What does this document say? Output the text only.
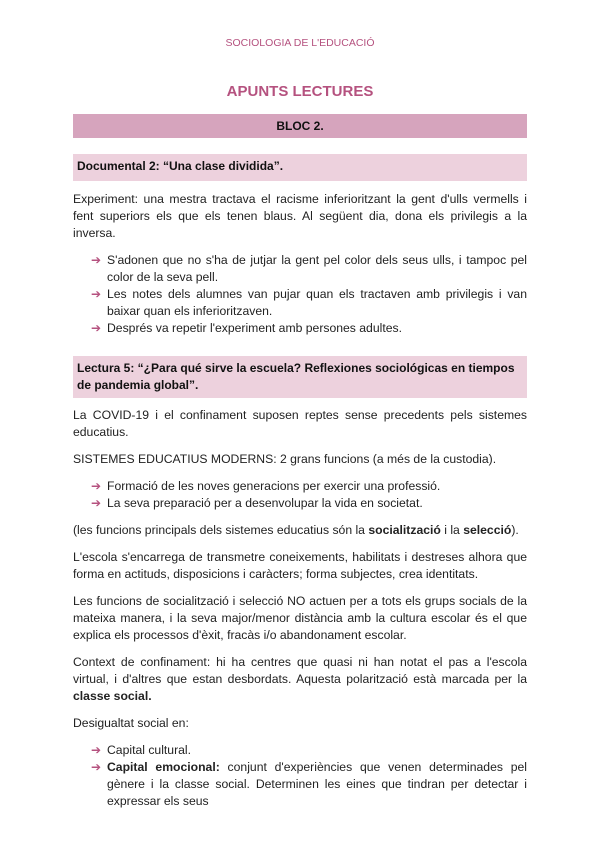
SOCIOLOGIA DE L'EDUCACIÓ
APUNTS LECTURES
BLOC 2.
Documental 2: “Una clase dividida”.

Experiment: una mestra tractava el racisme inferioritzant la gent d'ulls vermells i fent superiors els que els tenen blaus. Al següent dia, dona els privilegis a la inversa.

➔ S'adonen que no s'ha de jutjar la gent pel color dels seus ulls, i tampoc pel color de la seva pell.
➔ Les notes dels alumnes van pujar quan els tractaven amb privilegis i van baixar quan els inferioritzaven.
➔ Després va repetir l'experiment amb persones adultes.
Lectura 5: “¿Para qué sirve la escuela? Reflexiones sociológicas en tiempos de pandemia global”.

La COVID-19 i el confinament suposen reptes sense precedents pels sistemes educatius.

SISTEMES EDUCATIUS MODERNS: 2 grans funcions (a més de la custodia).

➔ Formació de les noves generacions per exercir una professió.
➔ La seva preparació per a desenvolupar la vida en societat.

(les funcions principals dels sistemes educatius són la socialització i la selecció).

L'escola s'encarrega de transmetre coneixements, habilitats i destreses alhora que forma en actituds, disposicions i caràcters; forma subjectes, crea identitats.

Les funcions de socialització i selecció NO actuen per a tots els grups socials de la mateixa manera, i la seva major/menor distància amb la cultura escolar és el que explica els processos d'èxit, fracàs i/o abandonament escolar.

Context de confinament: hi ha centres que quasi ni han notat el pas a l'escola virtual, i d'altres que estan desbordats. Aquesta polarització està marcada per la classe social.

Desigualtat social en:

➔ Capital cultural.
➔ Capital emocional: conjunt d'experiències que venen determinades pel gènere i la classe social. Determinen les eines que tindran per detectar i expressar els seus
